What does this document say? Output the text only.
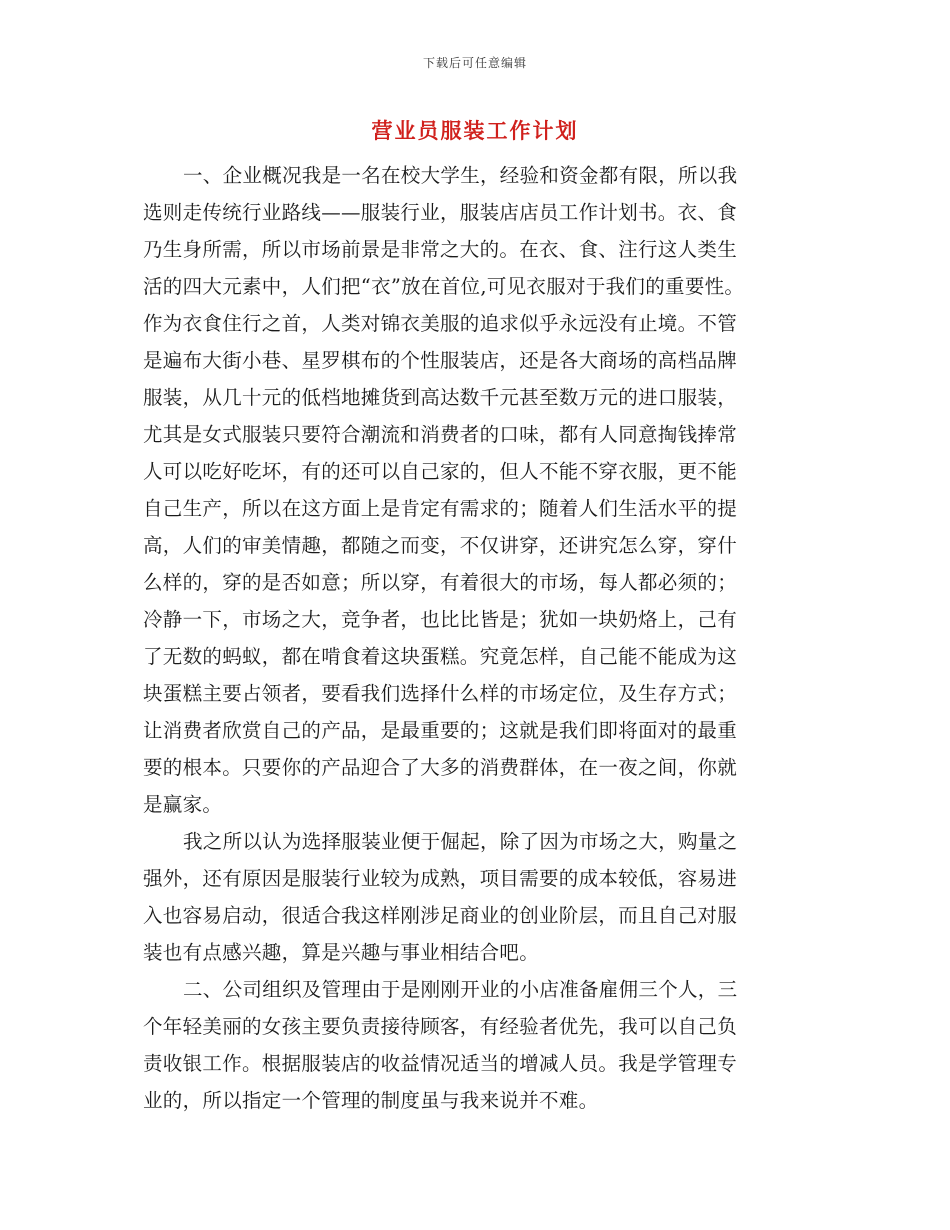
下载后可任意编辑
营业员服装工作计划
一、企业概况我是一名在校大学生，经验和资金都有限，所以我
选则走传统行业路线——服装行业，服装店店员工作计划书。衣、食
乃生身所需，所以市场前景是非常之大的。在衣、食、注行这人类生
活的四大元素中，人们把“衣”放在首位,可见衣服对于我们的重要性。
作为衣食住行之首，人类对锦衣美服的追求似乎永远没有止境。不管
是遍布大街小巷、星罗棋布的个性服装店，还是各大商场的高档品牌
服装，从几十元的低档地摊货到高达数千元甚至数万元的进口服装，
尤其是女式服装只要符合潮流和消费者的口味，都有人同意掏钱捧常
人可以吃好吃坏，有的还可以自己家的，但人不能不穿衣服，更不能
自己生产，所以在这方面上是肯定有需求的；随着人们生活水平的提
高，人们的审美情趣，都随之而变，不仅讲穿，还讲究怎么穿，穿什
么样的，穿的是否如意；所以穿，有着很大的市场，每人都必须的；
冷静一下，市场之大，竞争者，也比比皆是；犹如一块奶烙上，己有
了无数的蚂蚁，都在啃食着这块蛋糕。究竟怎样，自己能不能成为这
块蛋糕主要占领者，要看我们选择什么样的市场定位，及生存方式；
让消费者欣赏自己的产品，是最重要的；这就是我们即将面对的最重
要的根本。只要你的产品迎合了大多的消费群体，在一夜之间，你就
是赢家。
我之所以认为选择服装业便于倔起，除了因为市场之大，购量之
强外，还有原因是服装行业较为成熟，项目需要的成本较低，容易进
入也容易启动，很适合我这样刚涉足商业的创业阶层，而且自己对服
装也有点感兴趣，算是兴趣与事业相结合吧。
二、公司组织及管理由于是刚刚开业的小店准备雇佣三个人，三
个年轻美丽的女孩主要负责接待顾客，有经验者优先，我可以自己负
责收银工作。根据服装店的收益情况适当的增减人员。我是学管理专
业的，所以指定一个管理的制度虽与我来说并不难。
